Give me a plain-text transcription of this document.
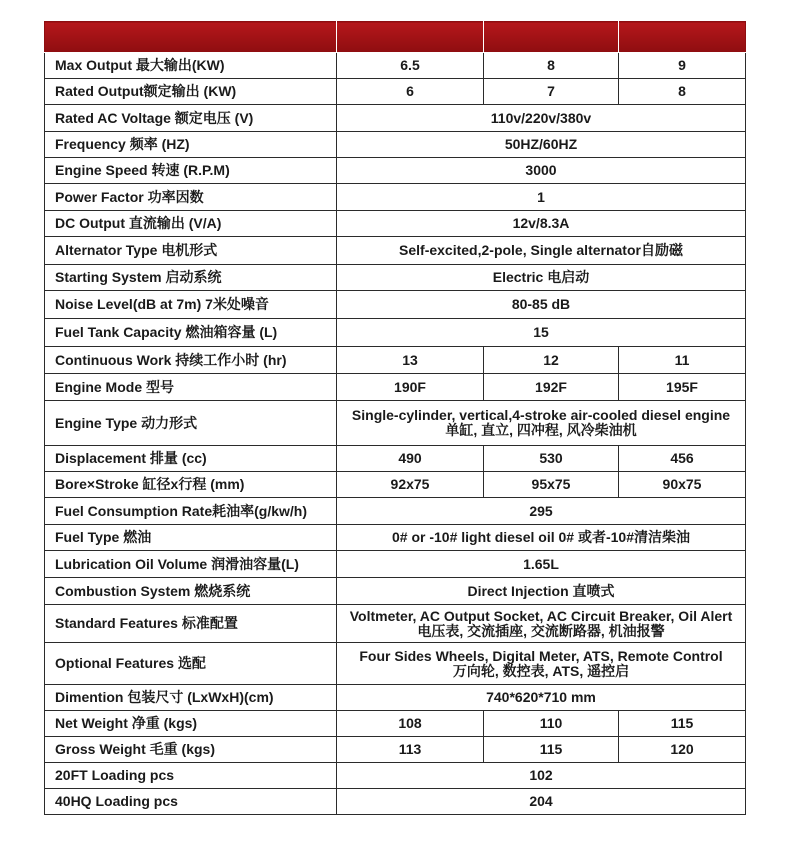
Max Output 最大输出(KW)	6.5	8	9
Rated Output额定输出 (KW)	6	7	8
Rated AC Voltage 额定电压 (V)	110v/220v/380v		
Frequency 频率 (HZ)	50HZ/60HZ		
Engine Speed 转速 (R.P.M)	3000		
Power Factor 功率因数	1		
DC Output 直流输出 (V/A)	12v/8.3A		
Alternator Type 电机形式	Self-excited,2-pole, Single alternator自励磁		
Starting System 启动系统	Electric 电启动		
Noise Level(dB at 7m) 7米处噪音	80-85 dB		
Fuel Tank Capacity 燃油箱容量 (L)	15		
Continuous Work 持续工作小时 (hr)	13	12	11
Engine Mode 型号	190F	192F	195F
Engine Type 动力形式	Single-cylinder, vertical,4-stroke air-cooled diesel engine
单缸, 直立, 四冲程, 风冷柴油机		

Displacement 排量 (cc)	490	530	456
Bore×Stroke 缸径x行程 (mm)	92x75	95x75	90x75
Fuel Consumption Rate耗油率(g/kw/h)	295		
Fuel Type 燃油	0# or -10# light diesel oil 0# 或者-10#清洁柴油		
Lubrication Oil Volume 润滑油容量(L)	1.65L		
Combustion System 燃烧系统	Direct Injection 直喷式		
Standard Features 标准配置	Voltmeter, AC Output Socket, AC Circuit Breaker, Oil Alert
电压表, 交流插座, 交流断路器, 机油报警		

Optional Features 选配	Four Sides Wheels, Digital Meter, ATS, Remote Control
万向轮, 数控表, ATS, 遥控启		

Dimention 包装尺寸 (LxWxH)(cm)	740*620*710 mm		
Net Weight 净重 (kgs)	108	110	115
Gross Weight 毛重 (kgs)	113	115	120
20FT Loading pcs	102		
40HQ Loading pcs	204		
